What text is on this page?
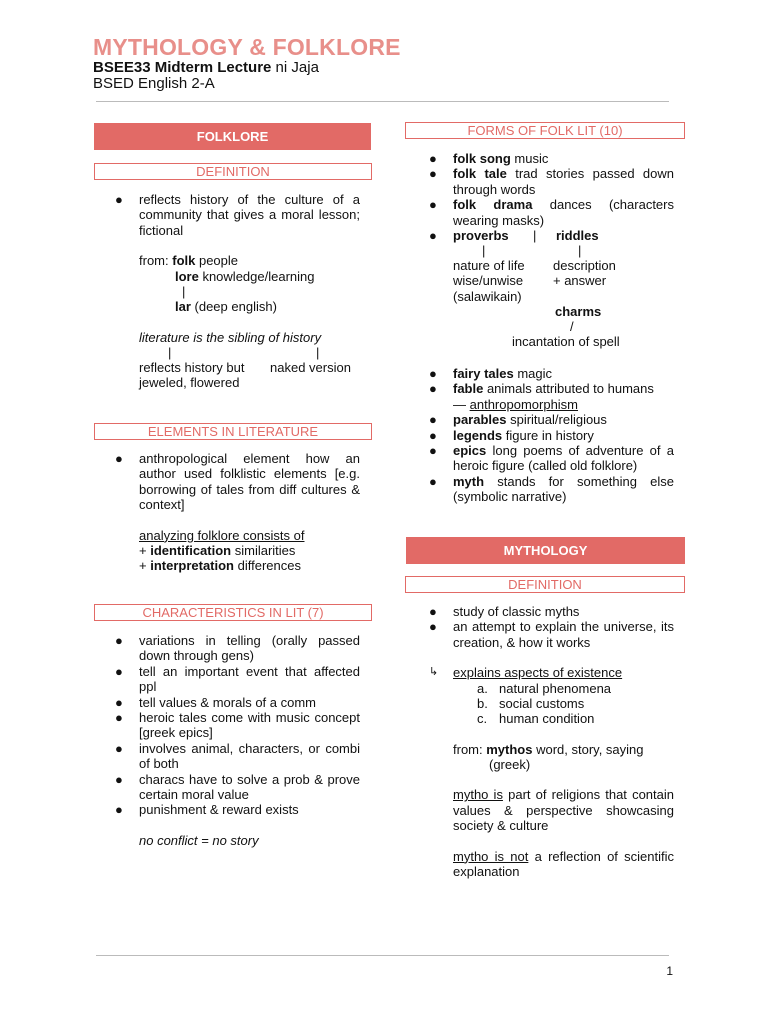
MYTHOLOGY & FOLKLORE
BSEE33 Midterm Lecture ni Jaja
BSED English 2-A
FOLKLORE
DEFINITION
● reflects history of the culture of a community that gives a moral lesson; fictional
from: folk people
lore knowledge/learning
|
lar (deep english)
literature is the sibling of history
|	|
reflects history but
jeweled, flowered
naked version
ELEMENTS IN LITERATURE
● anthropological element how an author used folklistic elements [e.g. borrowing of tales from diff cultures & context]
analyzing folklore consists of
+ identification similarities
+ interpretation differences
CHARACTERISTICS IN LIT (7)
● variations in telling (orally passed down through gens)
● tell an important event that affected ppl
● tell values & morals of a comm
● heroic tales come with music concept [greek epics]
● involves animal, characters, or combi of both
● characs have to solve a prob & prove certain moral value
● punishment & reward exists
no conflict = no story
FORMS OF FOLK LIT (10)
● folk song music
● folk tale trad stories passed down through words
● folk drama dances (characters wearing masks)
● proverbs | riddles
|	|
nature of life
wise/unwise
(salawikain)
description
+ answer
charms
/
incantation of spell
● fairy tales magic
● fable animals attributed to humans
— anthropomorphism
● parables spiritual/religious
● legends figure in history
● epics long poems of adventure of a heroic figure (called old folklore)
● myth stands for something else (symbolic narrative)
MYTHOLOGY
DEFINITION
● study of classic myths
● an attempt to explain the universe, its creation, & how it works
↳ explains aspects of existence
a. natural phenomena
b. social customs
c. human condition
from: mythos word, story, saying
(greek)
mytho is part of religions that contain values & perspective showcasing society & culture
mytho is not a reflection of scientific explanation
1
